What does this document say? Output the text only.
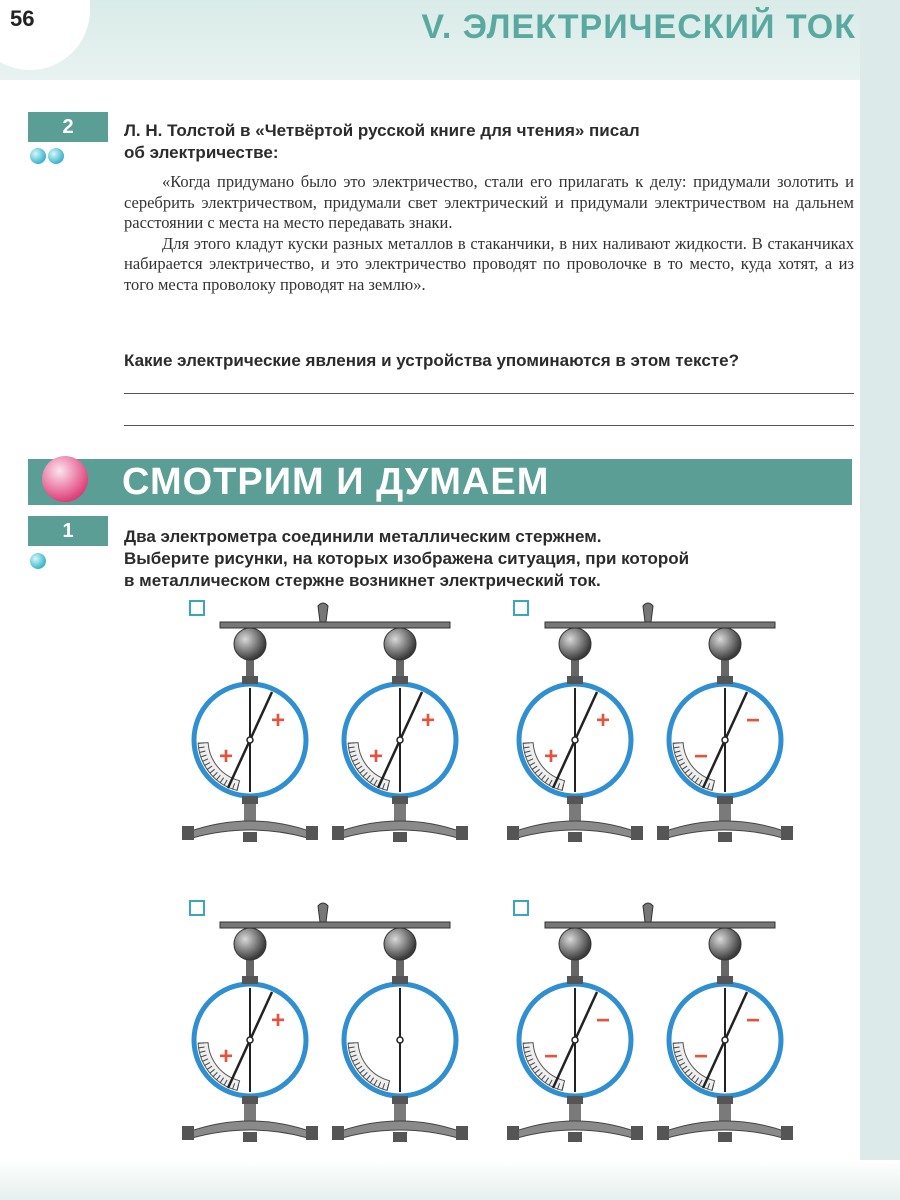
56	V. ЭЛЕКТРИЧЕСКИЙ ТОК
2	Л. Н. Толстой в «Четвёртой русской книге для чтения» писал
об электричестве:

«Когда придумано было это электричество, стали его прилагать к делу: придумали золотить и серебрить электричеством, придумали свет электрический и придумали электричеством на дальнем расстоянии с места на место передавать знаки.

Для этого кладут куски разных металлов в стаканчики, в них наливают жидкости. В стаканчиках набирается электричество, и это электричество проводят по проволочке в то место, куда хотят, а из того места проволоку проводят на землю».

Какие электрические явления и устройства упоминаются в этом тексте?
СМОТРИМ И ДУМАЕМ
1	Два электрометра соединили металлическим стержнем.
Выберите рисунки, на которых изображена ситуация, при которой
в металлическом стержне возникнет электрический ток.
+
+
+
+
+
+
−
−
+
+
−
−
−
−
